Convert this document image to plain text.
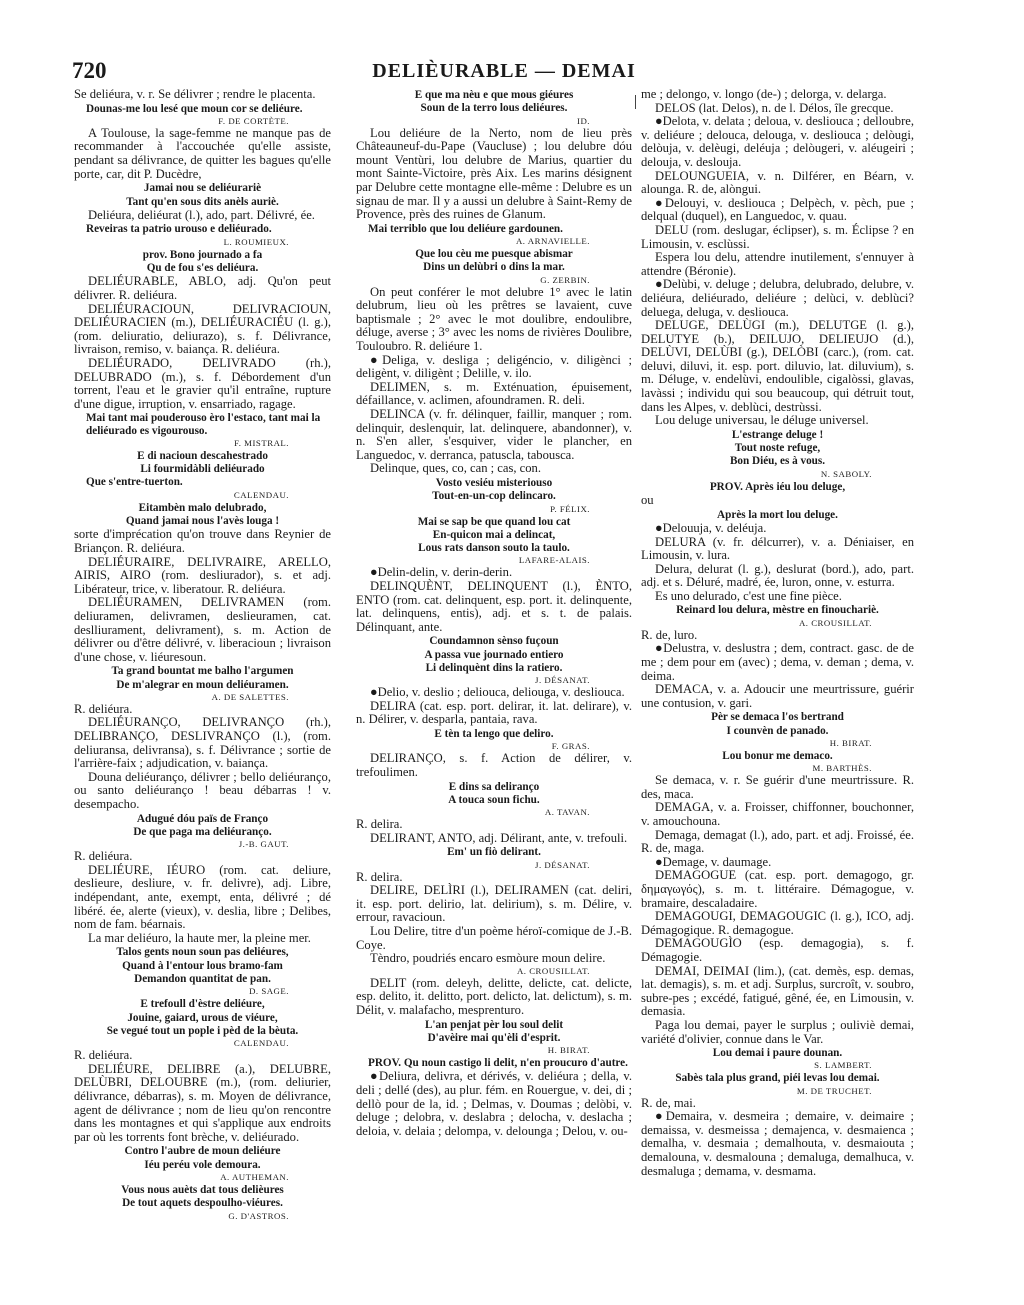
720	DELIÈURABLE — DEMAI

Se deliéura, v. r. Se délivrer ; rendre le placenta.

Dounas-me lou lesé que moun cor se deliéure.
F. DE CORTÈTE.

A Toulouse, la sage-femme ne manque pas de recommander à l'accouchée qu'elle assiste, pendant sa délivrance, de quitter les bagues qu'elle porte, car, dit P. Ducèdre,

Jamai nou se deliéurariè
Tant qu'en sous dits anèls auriè.

Deliéura, deliéurat (l.), ado, part. Délivré, ée.

Reveiras ta patrio urouso e deliéurado.
L. ROUMIEUX.
prov. Bono journado a fa
Qu de fou s'es deliéura.

DELIÉURABLE, ABLO, adj. Qu'on peut délivrer. R. deliéura.

DELIÉURACIOUN, DELIVRACIOUN, DELIÉURACIEN (m.), DELIÉURACIÉU (l. g.), (rom. deliuratio, deliurazo), s. f. Délivrance, livraison, remiso, v. baiança. R. deliéura.

DELIÉURADO, DELIVRADO (rh.), DELUBRADO (m.), s. f. Débordement d'un torrent, l'eau et le gravier qu'il entraîne, rupture d'une digue, irruption, v. ensarriado, ragage.

Mai tant mai pouderouso èro l'estaco, tant mai la deliéurado es vigourouso.
F. MISTRAL.
E di nacioun descahestrado
Li fourmidàbli deliéurado
Que s'entre-tuerton.
CALENDAU.
Eitambèn malo delubrado,
Quand jamai nous l'avès louga !

sorte d'imprécation qu'on trouve dans Reynier de Briançon. R. deliéura.

DELIÉURAIRE, DELIVRAIRE, ARELLO, AIRIS, AIRO (rom. desliurador), s. et adj. Libérateur, trice, v. liberatour. R. deliéura.

DELIÉURAMEN, DELIVRAMEN (rom. deliuramen, delivramen, deslieuramen, cat. deslliurament, delivrament), s. m. Action de délivrer ou d'être délivré, v. liberacioun ; livraison d'une chose, v. liéuresoun.

Ta grand bountat me balho l'argumen
De m'alegrar en moun deliéuramen.
A. DE SALETTES.

R. deliéura.

DELIÉURANÇO, DELIVRANÇO (rh.), DELIBRANÇO, DESLIVRANÇO (l.), (rom. deliuransa, delivransa), s. f. Délivrance ; sortie de l'arrière-faix ; adjudication, v. baiança.

Douna deliéuranço, délivrer ; bello deliéuranço, ou santo deliéuranço ! beau débarras ! v. desempacho.

Adugué dóu païs de Franço
De que paga ma deliéuranço.
J.-B. GAUT.

R. deliéura.

DELIÉURE, IÉURO (rom. cat. deliure, deslieure, desliure, v. fr. delivre), adj. Libre, indépendant, ante, exempt, enta, délivré ; dé libéré. ée, alerte (vieux), v. deslia, libre ; Delibes, nom de fam. béarnais.

La mar deliéuro, la haute mer, la pleine mer.

Talos gents noun soun pas deliéures,
Quand à l'entour lous bramo-fam
Demandon quantitat de pan.
D. SAGE.
E trefoull d'èstre deliéure,
Jouine, gaiard, urous de viéure,
Se vegué tout un pople i pèd de la bèuta.
CALENDAU.

R. deliéura.

DELIÉURE, DELIBRE (a.), DELUBRE, DELÙBRI, DELOUBRE (m.), (rom. deliurier, délivrance, débarras), s. m. Moyen de délivrance, agent de délivrance ; nom de lieu qu'on rencontre dans les montagnes et qui s'applique aux endroits par où les torrents font brèche, v. deliéurado.

Contro l'aubre de moun deliéure
Iéu peréu vole demoura.
A. AUTHEMAN.
Vous nous auèts dat tous delièures
De tout aquets despoulho-viéures.
G. D'ASTROS.
E que ma nèu e que mous giéures
Soun de la terro lous deliéures.
ID.

Lou deliéure de la Nerto, nom de lieu près Châteauneuf-du-Pape (Vaucluse) ; lou delubre dóu mount Ventùri, lou delubre de Marius, quartier du mont Sainte-Victoire, près Aix. Les marins désignent par Delubre cette montagne elle-même : Delubre es un signau de mar. Il y a aussi un delubre à Saint-Remy de Provence, près des ruines de Glanum.

Mai terriblo que lou deliéure gardounen.
A. ARNAVIELLE.
Que lou cèu me puesque abismar
Dins un delùbri o dins la mar.
G. ZERBIN.

On peut conférer le mot delubre 1° avec le latin delubrum, lieu où les prêtres se lavaient, cuve baptismale ; 2° avec le mot doulibre, endoulibre, déluge, averse ; 3° avec les noms de rivières Doulibre, Touloubro. R. deliéure 1.

●Deliga, v. desliga ; deligéncio, v. diligènci ; deligènt, v. diligènt ; Delille, v. ilo.

DELIMEN, s. m. Exténuation, épuisement, défaillance, v. aclimen, afoundramen. R. deli.

DELINCA (v. fr. délinquer, faillir, manquer ; rom. delinquir, deslenquir, lat. delinquere, abandonner), v. n. S'en aller, s'esquiver, vider le plancher, en Languedoc, v. derranca, patuscla, tabousca.

Delinque, ques, co, can ; cas, con.

Vosto vesiéu misteriouso
Tout-en-un-cop delincaro.
P. FÉLIX.
Mai se sap be que quand lou cat
En-quicon mai a delincat,
Lous rats danson souto la taulo.
LAFARE-ALAIS.

●Delin-delin, v. derin-derin.

DELINQUÈNT, DELINQUENT (l.), ÈNTO, ENTO (rom. cat. delinquent, esp. port. it. delinquente, lat. delinquens, entis), adj. et s. t. de palais. Délinquant, ante.

Coundamnon sènso fuçoun
A passa vue journado entiero
Li delinquènt dins la ratiero.
J. DÉSANAT.

●Delio, v. deslio ; deliouca, deliouga, v. desliouca.

DELIRA (cat. esp. port. delirar, it. lat. delirare), v. n. Délirer, v. desparla, pantaia, rava.

E tèn ta lengo que deliro.
F. GRAS.

DELIRANÇO, s. f. Action de délirer, v. trefoulimen.

E dins sa deliranço
A touca soun fichu.
A. TAVAN.

R. delira.

DELIRANT, ANTO, adj. Délirant, ante, v. trefouli.

Em' un fiò delirant.
J. DÉSANAT.

R. delira.

DELIRE, DELÌRI (l.), DELIRAMEN (cat. deliri, it. esp. port. delirio, lat. delirium), s. m. Délire, v. errour, ravacioun.

Lou Delire, titre d'un poème héroï-comique de J.-B. Coye.

Tèndro, poudriés encaro esmòure moun delire.

A. CROUSILLAT.

DELIT (rom. deleyh, delitte, delicte, cat. delicte, esp. delito, it. delitto, port. delicto, lat. delictum), s. m. Délit, v. malafacho, mesprenturo.

L'an penjat pèr lou soul delit
D'avèire mai qu'èli d'esprit.
H. BIRAT.
PROV. Qu noun castigo li delit, n'en proucuro d'autre.

●Deliura, delivra, et dérivés, v. deliéura ; della, v. deli ; dellé (des), au plur. fém. en Rouergue, v. dei, di ; dellò pour de la, id. ; Delmas, v. Doumas ; delòbi, v. deluge ; delobra, v. deslabra ; delocha, v. deslacha ; deloia, v. delaia ; delompa, v. delounga ; Delou, v. ou-

me ; delongo, v. longo (de-) ; delorga, v. delarga.

DELOS (lat. Delos), n. de l. Délos, île grecque.

●Delota, v. delata ; deloua, v. desliouca ; delloubre, v. deliéure ; delouca, delouga, v. desliouca ; delòugi, delòuja, v. delèugi, deléuja ; delòugeri, v. aléugeiri ; delouja, v. deslouja.

DELOUNGUEIA, v. n. Dilférer, en Béarn, v. alounga. R. de, alòngui.

●Delouyi, v. desliouca ; Delpèch, v. pèch, pue ; delqual (duquel), en Languedoc, v. quau.

DELU (rom. deslugar, éclipser), s. m. Éclipse ? en Limousin, v. esclùssi.

Espera lou delu, attendre inutilement, s'ennuyer à attendre (Béronie).

●Delùbi, v. deluge ; delubra, delubrado, delubre, v. deliéura, deliéurado, deliéure ; delùci, v. deblùci? deluega, deluga, v. desliouca.

DELUGE, DELÙGI (m.), DELUTGE (l. g.), DELUTYE (b.), DEILUJO, DELIEUJO (d.), DELÙVI, DELÙBI (g.), DELÒBI (carc.), (rom. cat. deluvi, diluvi, it. esp. port. diluvio, lat. diluvium), s. m. Déluge, v. endelùvi, endoulible, cigalòssi, glavas, lavàssi ; individu qui sou beaucoup, qui détruit tout, dans les Alpes, v. deblùci, destrùssi.

Lou deluge universau, le déluge universel.

L'estrange deluge !
Tout noste refuge,
Bon Diéu, es à vous.
N. SABOLY.
PROV. Après iéu lou deluge,

ou

Après la mort lou deluge.

●Delouuja, v. deléuja.

DELURA (v. fr. délcurrer), v. a. Déniaiser, en Limousin, v. lura.

Delura, delurat (l. g.), deslurat (bord.), ado, part. adj. et s. Déluré, madré, ée, luron, onne, v. esturra.

Es uno delurado, c'est une fine pièce.

Reinard lou delura, mèstre en finouchariè.
A. CROUSILLAT.

R. de, luro.

●Delustra, v. deslustra ; dem, contract. gasc. de de me ; dem pour em (avec) ; dema, v. deman ; dema, v. deima.

DEMACA, v. a. Adoucir une meurtrissure, guérir une contusion, v. gari.

Pèr se demaca l'os bertrand
I counvèn de panado.
H. BIRAT.
Lou bonur me demaco.
M. BARTHÈS.

Se demaca, v. r. Se guérir d'une meurtrissure. R. des, maca.

DEMAGA, v. a. Froisser, chiffonner, bouchonner, v. amouchouna.

Demaga, demagat (l.), ado, part. et adj. Froissé, ée. R. de, maga.

●Demage, v. daumage.

DEMAGOGUE (cat. esp. port. demagogo, gr. δημαγωγός), s. m. t. littéraire. Démagogue, v. bramaire, descaladaire.

DEMAGOUGI, DEMAGOUGIC (l. g.), ICO, adj. Démagogique. R. demagogue.

DEMAGOUGÌO (esp. demagogia), s. f. Démagogie.

DEMAI, DEIMAI (lim.), (cat. demès, esp. demas, lat. demagis), s. m. et adj. Surplus, surcroît, v. soubro, subre-pes ; excédé, fatigué, gêné, ée, en Limousin, v. demasia.

Paga lou demai, payer le surplus ; ouliviè demai, variété d'olivier, connue dans le Var.

Lou demai i paure dounan.
S. LAMBERT.
Sabès tala plus grand, piéi levas lou demai.
M. DE TRUCHET.

R. de, mai.

●Demaira, v. desmeira ; demaire, v. deimaire ; demaissa, v. desmeissa ; demajenca, v. desmaienca ; demalha, v. desmaia ; demalhouta, v. desmaiouta ; demalouna, v. desmalouna ; demaluga, demalhuca, v. desmaluga ; demama, v. desmama.
